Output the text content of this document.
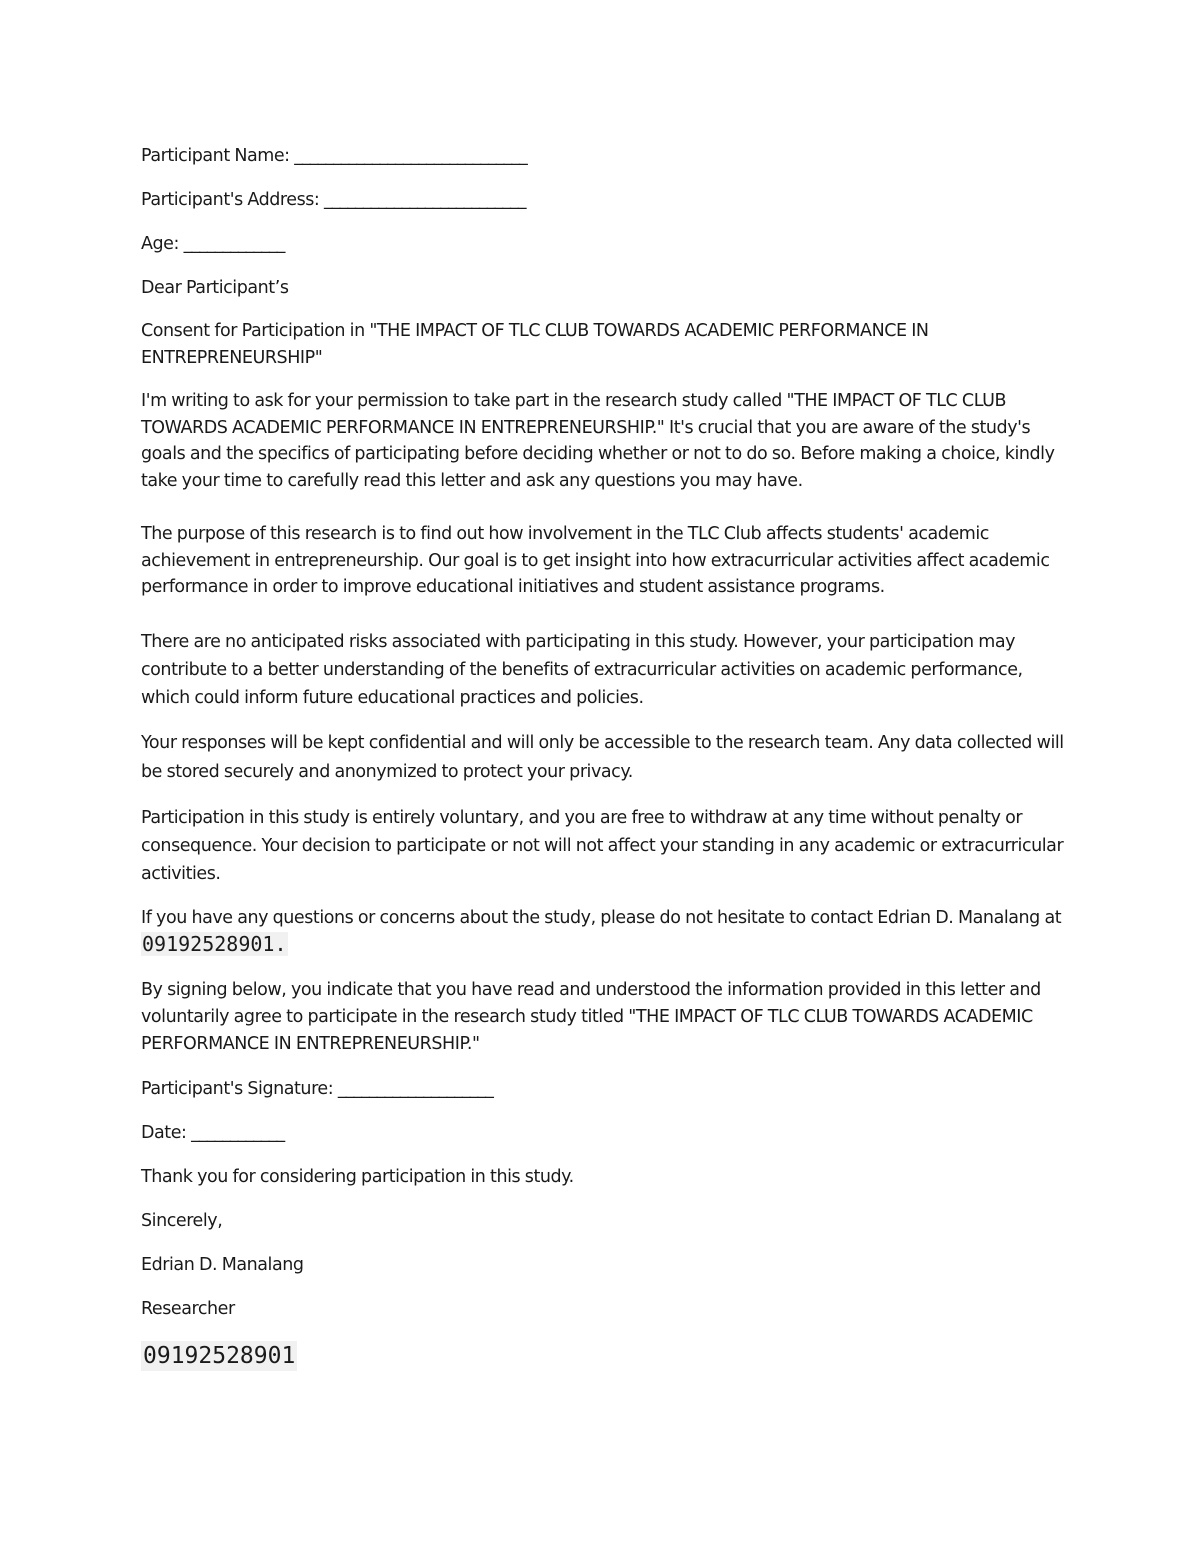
Participant Name: ______________________________

Participant's Address: __________________________

Age: _____________

Dear Participant’s

Consent for Participation in "THE IMPACT OF TLC CLUB TOWARDS ACADEMIC PERFORMANCE IN ENTREPRENEURSHIP"

I'm writing to ask for your permission to take part in the research study called "THE IMPACT OF TLC CLUB TOWARDS ACADEMIC PERFORMANCE IN ENTREPRENEURSHIP." It's crucial that you are aware of the study's goals and the specifics of participating before deciding whether or not to do so. Before making a choice, kindly take your time to carefully read this letter and ask any questions you may have.

The purpose of this research is to find out how involvement in the TLC Club affects students' academic achievement in entrepreneurship. Our goal is to get insight into how extracurricular activities affect academic performance in order to improve educational initiatives and student assistance programs.

There are no anticipated risks associated with participating in this study. However, your participation may contribute to a better understanding of the benefits of extracurricular activities on academic performance, which could inform future educational practices and policies.

Your responses will be kept confidential and will only be accessible to the research team. Any data collected will be stored securely and anonymized to protect your privacy.

Participation in this study is entirely voluntary, and you are free to withdraw at any time without penalty or consequence. Your decision to participate or not will not affect your standing in any academic or extracurricular activities.

If you have any questions or concerns about the study, please do not hesitate to contact Edrian D. Manalang at 09192528901.

By signing below, you indicate that you have read and understood the information provided in this letter and voluntarily agree to participate in the research study titled "THE IMPACT OF TLC CLUB TOWARDS ACADEMIC PERFORMANCE IN ENTREPRENEURSHIP."

Participant's Signature: ____________________

Date: ____________

Thank you for considering participation in this study.

Sincerely,

Edrian D. Manalang

Researcher

09192528901
